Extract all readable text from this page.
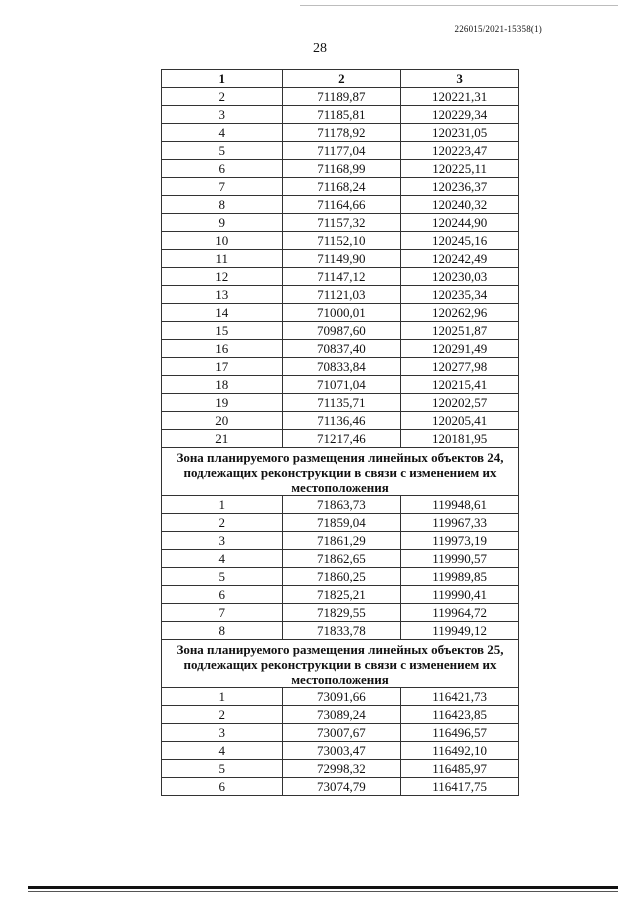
226015/2021-15358(1)
28
1	2	3
2	71189,87	120221,31
3	71185,81	120229,34
4	71178,92	120231,05
5	71177,04	120223,47
6	71168,99	120225,11
7	71168,24	120236,37
8	71164,66	120240,32
9	71157,32	120244,90
10	71152,10	120245,16
11	71149,90	120242,49
12	71147,12	120230,03
13	71121,03	120235,34
14	71000,01	120262,96
15	70987,60	120251,87
16	70837,40	120291,49
17	70833,84	120277,98
18	71071,04	120215,41
19	71135,71	120202,57
20	71136,46	120205,41
21	71217,46	120181,95
Зона планируемого размещения линейных объектов 24, подлежащих реконструкции в связи с изменением их местоположения		
1	71863,73	119948,61
2	71859,04	119967,33
3	71861,29	119973,19
4	71862,65	119990,57
5	71860,25	119989,85
6	71825,21	119990,41
7	71829,55	119964,72
8	71833,78	119949,12
Зона планируемого размещения линейных объектов 25, подлежащих реконструкции в связи с изменением их местоположения		
1	73091,66	116421,73
2	73089,24	116423,85
3	73007,67	116496,57
4	73003,47	116492,10
5	72998,32	116485,97
6	73074,79	116417,75
